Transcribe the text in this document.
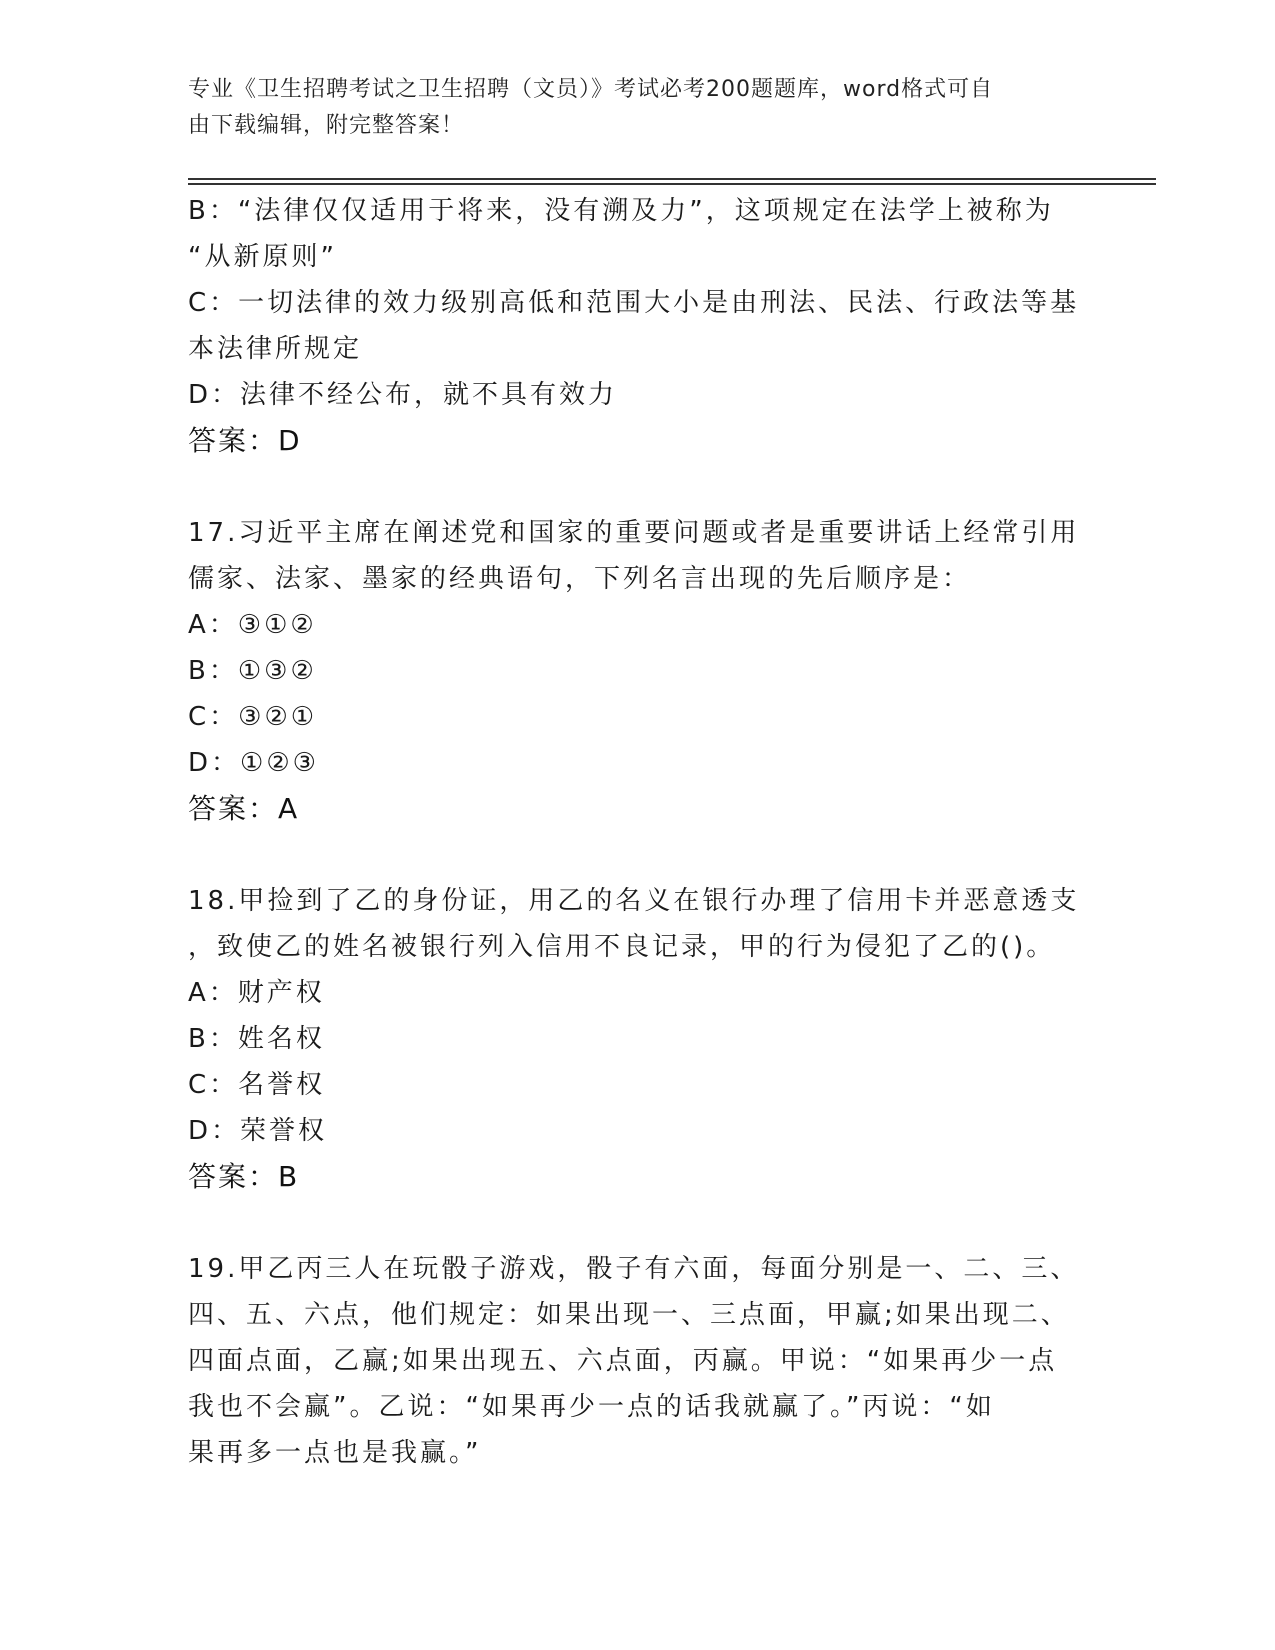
专业《卫生招聘考试之卫生招聘（文员）》考试必考200题题库，word格式可自
由下载编辑，附完整答案！

B：“法律仅仅适用于将来，没有溯及力”，这项规定在法学上被称为

“从新原则”

C：一切法律的效力级别高低和范围大小是由刑法、民法、行政法等基

本法律所规定

D：法律不经公布，就不具有效力

答案：D

17.习近平主席在阐述党和国家的重要问题或者是重要讲话上经常引用

儒家、法家、墨家的经典语句，下列名言出现的先后顺序是：

A：③①②

B：①③②

C：③②①

D：①②③

答案：A

18.甲捡到了乙的身份证，用乙的名义在银行办理了信用卡并恶意透支

，致使乙的姓名被银行列入信用不良记录，甲的行为侵犯了乙的()。

A：财产权

B：姓名权

C：名誉权

D：荣誉权

答案：B

19.甲乙丙三人在玩骰子游戏，骰子有六面，每面分别是一、二、三、

四、五、六点，他们规定：如果出现一、三点面，甲赢;如果出现二、

四面点面，乙赢;如果出现五、六点面，丙赢。甲说：“如果再少一点

我也不会赢”。乙说：“如果再少一点的话我就赢了。”丙说：“如

果再多一点也是我赢。”
